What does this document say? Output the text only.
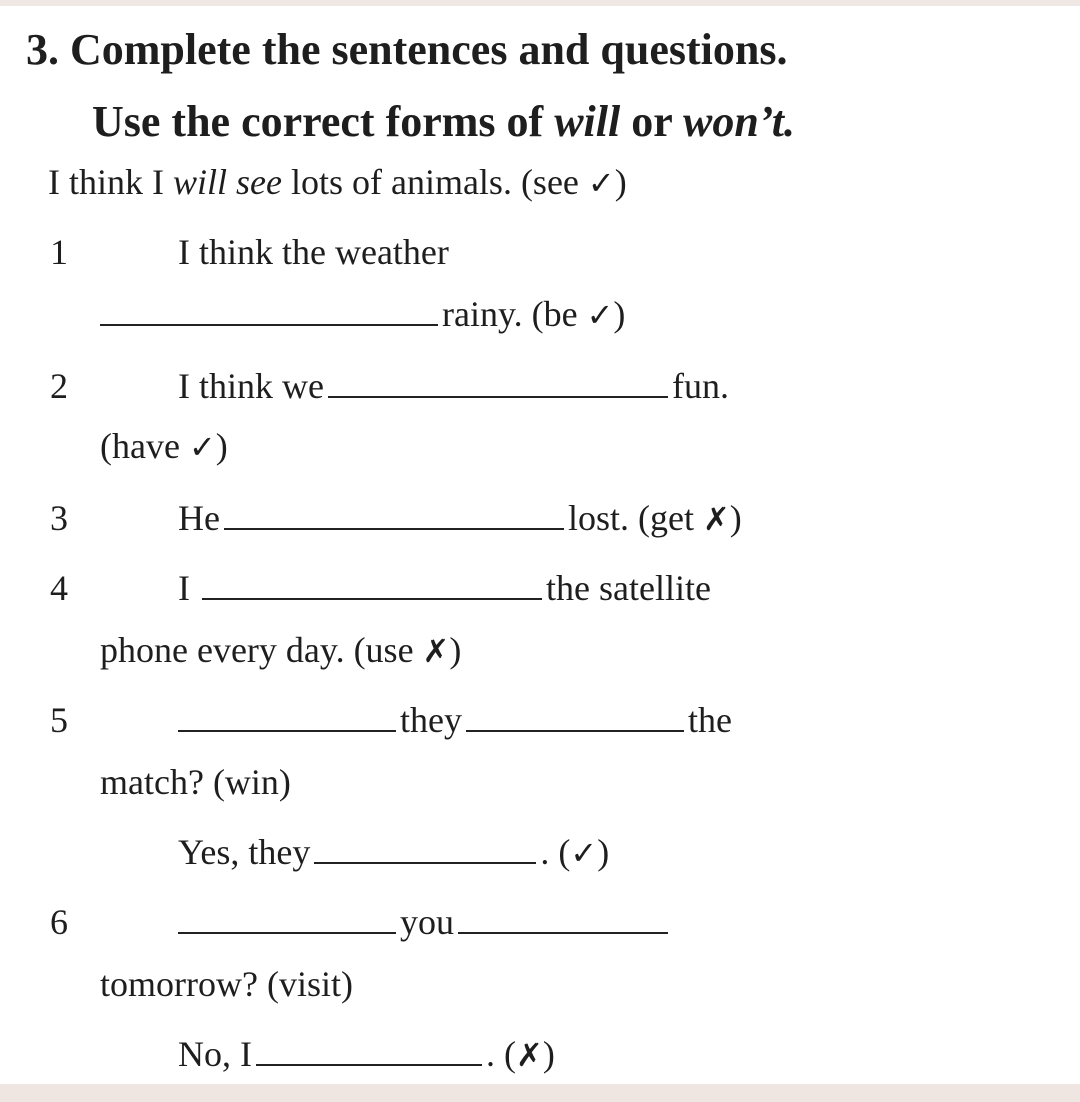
3. Complete the sentences and questions.
Use the correct forms of will or won’t.
I think I will see lots of animals. (see ✓)
1	I think the weather
rainy. (be ✓)
2	I think we	fun.
(have ✓)
3	He	lost. (get ✗)
4	I	the satellite
phone every day. (use ✗)
5	they	the
match? (win)
Yes, they	. (✓)
6	you
tomorrow? (visit)
No, I	. (✗)
